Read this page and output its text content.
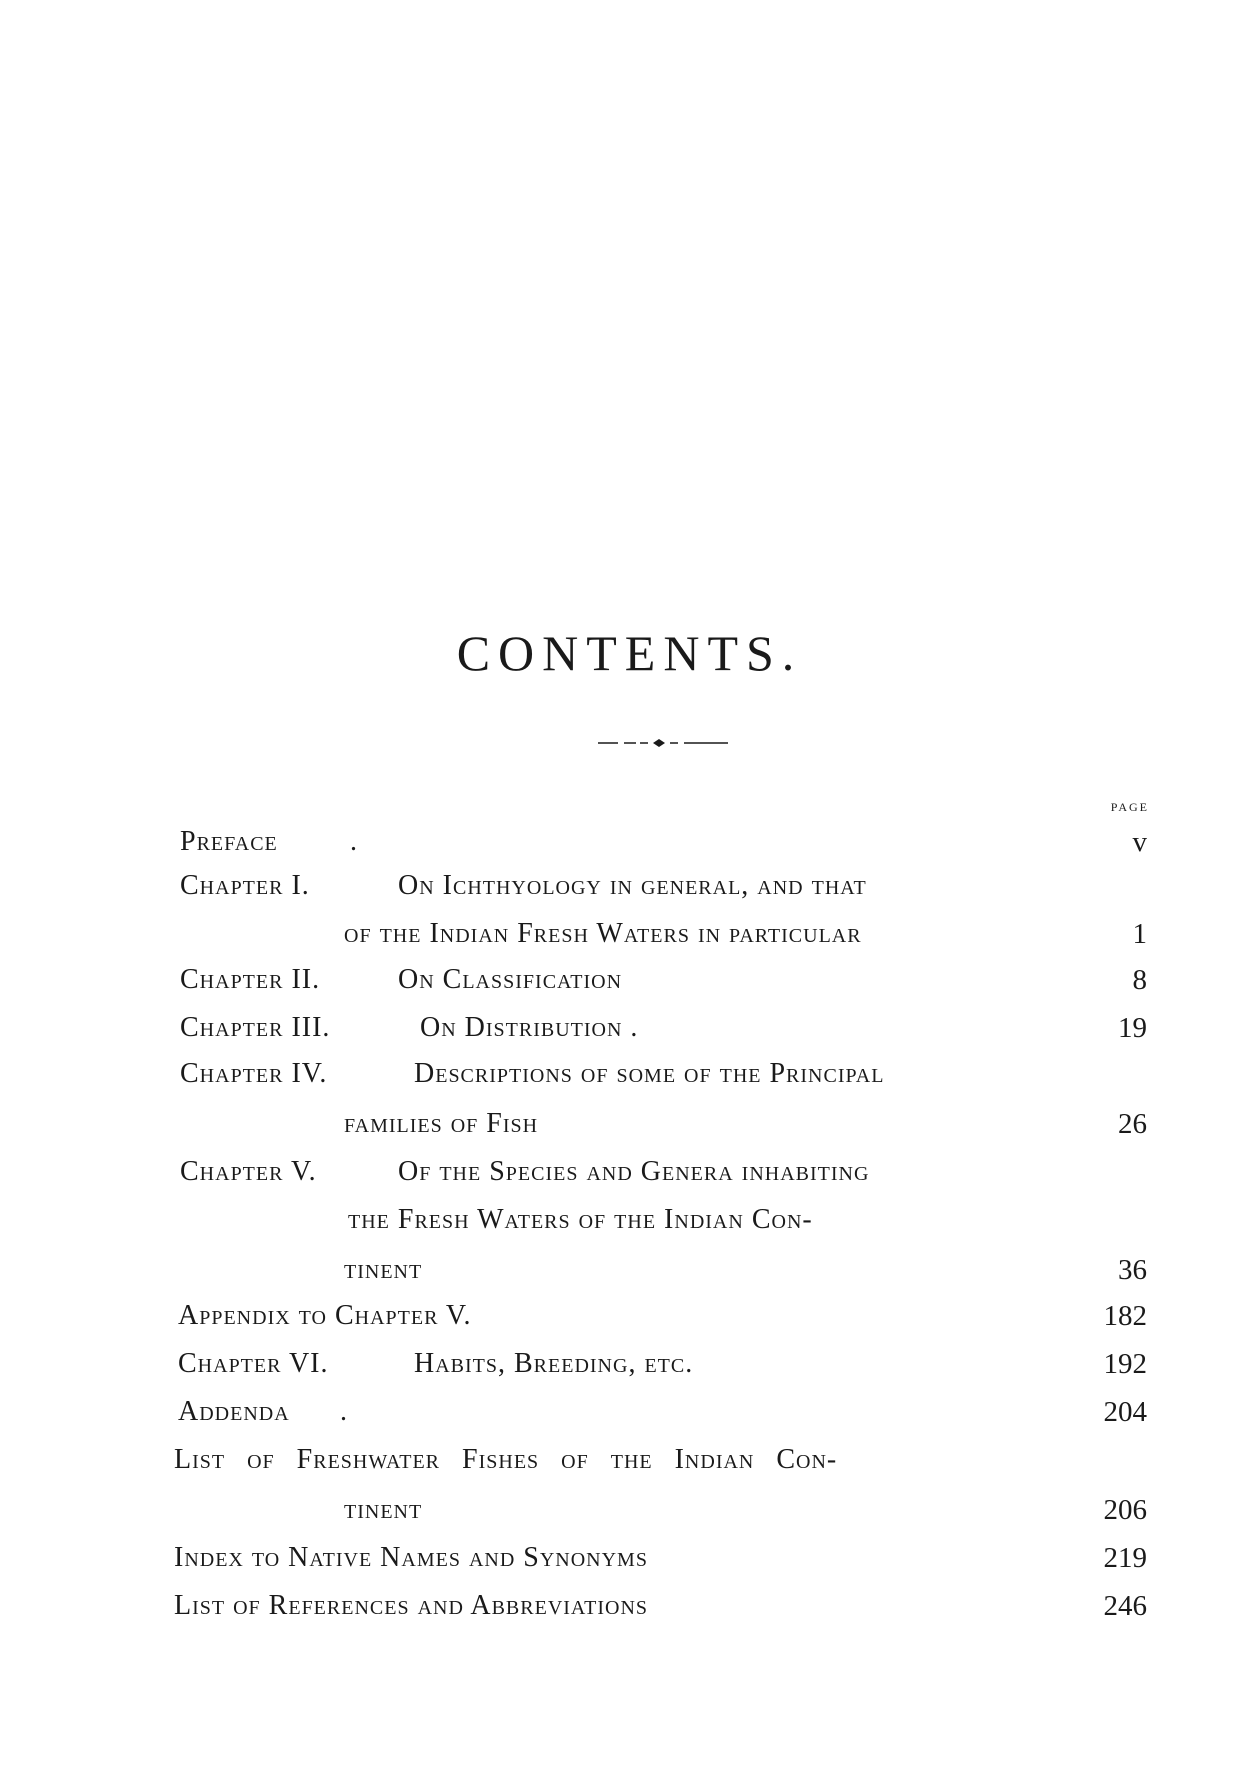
CONTENTS.
PAGE
Preface	.	v
Chapter I.	On Ichthyology in general, and that
of the Indian Fresh Waters in particular	1
Chapter II.	On Classification	8
Chapter III.	On Distribution .	19
Chapter IV.	Descriptions of some of the Principal
families of Fish	26
Chapter V.	Of the Species and Genera inhabiting
the Fresh Waters of the Indian Con-
tinent	36
Appendix to Chapter V.	182
Chapter VI.	Habits, Breeding, etc.	192
Addenda .	204
List of Freshwater Fishes of the Indian Con-
tinent	206
Index to Native Names and Synonyms	219
List of References and Abbreviations	246
